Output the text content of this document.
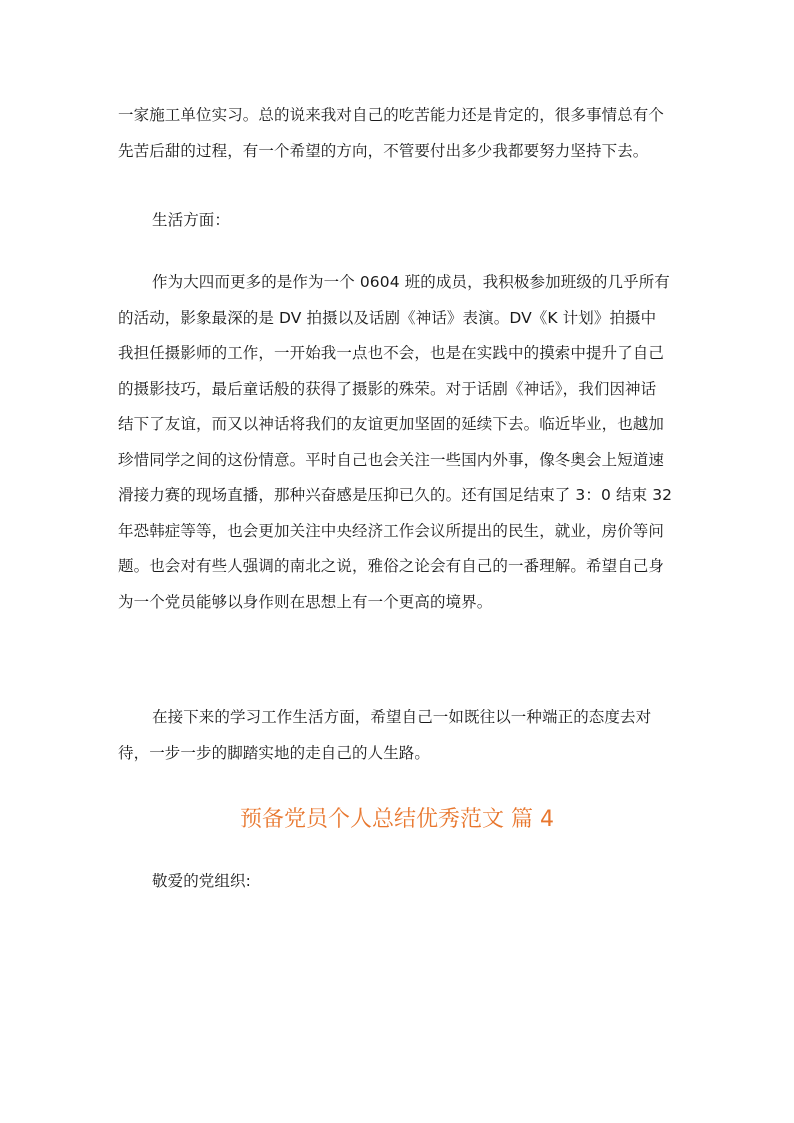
一家施工单位实习。总的说来我对自己的吃苦能力还是肯定的，很多事情总有个
先苦后甜的过程，有一个希望的方向，不管要付出多少我都要努力坚持下去。
生活方面：
作为大四而更多的是作为一个 0604 班的成员，我积极参加班级的几乎所有
的活动，影象最深的是 DV 拍摄以及话剧《神话》表演。DV《K 计划》拍摄中
我担任摄影师的工作，一开始我一点也不会，也是在实践中的摸索中提升了自己
的摄影技巧，最后童话般的获得了摄影的殊荣。对于话剧《神话》，我们因神话
结下了友谊，而又以神话将我们的友谊更加坚固的延续下去。临近毕业，也越加
珍惜同学之间的这份情意。平时自己也会关注一些国内外事，像冬奥会上短道速
滑接力赛的现场直播，那种兴奋感是压抑已久的。还有国足结束了 3：0 结束 32
年恐韩症等等，也会更加关注中央经济工作会议所提出的民生，就业，房价等问
题。也会对有些人强调的南北之说，雅俗之论会有自己的一番理解。希望自己身
为一个党员能够以身作则在思想上有一个更高的境界。
在接下来的学习工作生活方面，希望自己一如既往以一种端正的态度去对
待，一步一步的脚踏实地的走自己的人生路。
预备党员个人总结优秀范文 篇 4
敬爱的党组织:
